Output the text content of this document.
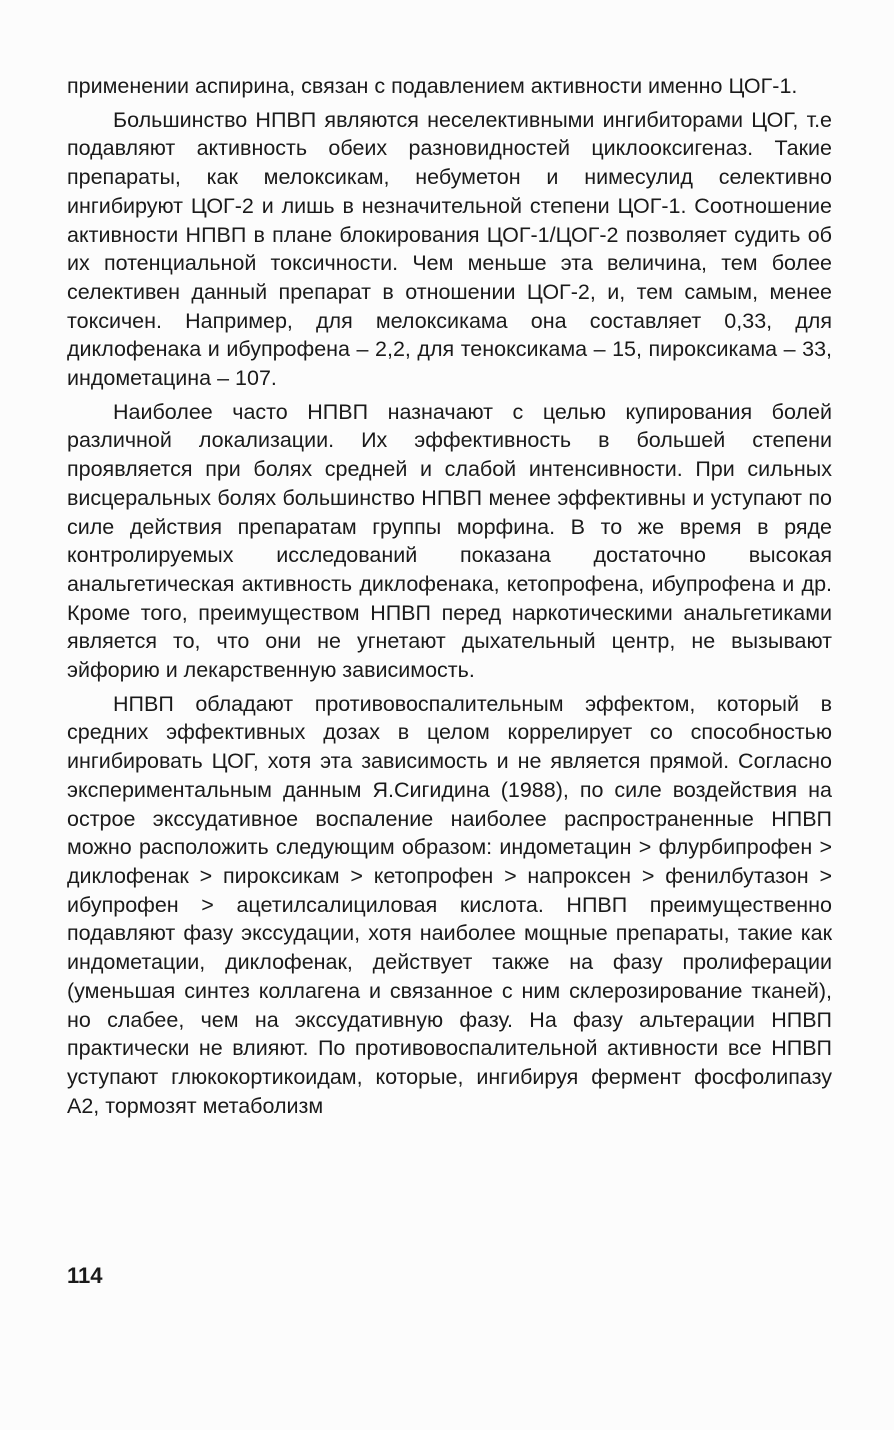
применении аспирина, связан с подавлением активности именно ЦОГ-1.

Большинство НПВП являются неселективными ингибиторами ЦОГ, т.е подавляют активность обеих разновидностей циклооксигеназ. Такие препараты, как мелоксикам, небуметон и нимесулид селективно ингибируют ЦОГ-2 и лишь в незначительной степени ЦОГ-1. Соотношение активности НПВП в плане блокирования ЦОГ-1/ЦОГ-2 позволяет судить об их потенциальной токсичности. Чем меньше эта величина, тем более селективен данный препарат в отношении ЦОГ-2, и, тем самым, менее токсичен. Например, для мелоксикама она составляет 0,33, для диклофенака и ибупрофена – 2,2, для теноксикама – 15, пироксикама – 33, индометацина – 107.

Наиболее часто НПВП назначают с целью купирования болей различной локализации. Их эффективность в большей степени проявляется при болях средней и слабой интенсивности. При сильных висцеральных болях большинство НПВП менее эффективны и уступают по силе действия препаратам группы морфина. В то же время в ряде контролируемых исследований показана достаточно высокая анальгетическая активность диклофенака, кетопрофена, ибупрофена и др. Кроме того, преимуществом НПВП перед наркотическими анальгетиками является то, что они не угнетают дыхательный центр, не вызывают эйфорию и лекарственную зависимость.

НПВП обладают противовоспалительным эффектом, который в средних эффективных дозах в целом коррелирует со способностью ингибировать ЦОГ, хотя эта зависимость и не является прямой. Согласно экспериментальным данным Я.Сигидина (1988), по силе воздействия на острое экссудативное воспаление наиболее распространенные НПВП можно расположить следующим образом: индометацин > флурбипрофен > диклофенак > пироксикам > кетопрофен > напроксен > фенилбутазон > ибупрофен > ацетилсалициловая кислота. НПВП преимущественно подавляют фазу экссудации, хотя наиболее мощные препараты, такие как индометации, диклофенак, действует также на фазу пролиферации (уменьшая синтез коллагена и связанное с ним склерозирование тканей), но слабее, чем на экссудативную фазу. На фазу альтерации НПВП практически не влияют. По противовоспалительной активности все НПВП уступают глюкокортикоидам, которые, ингибируя фермент фосфолипазу А2, тормозят метаболизм

114
